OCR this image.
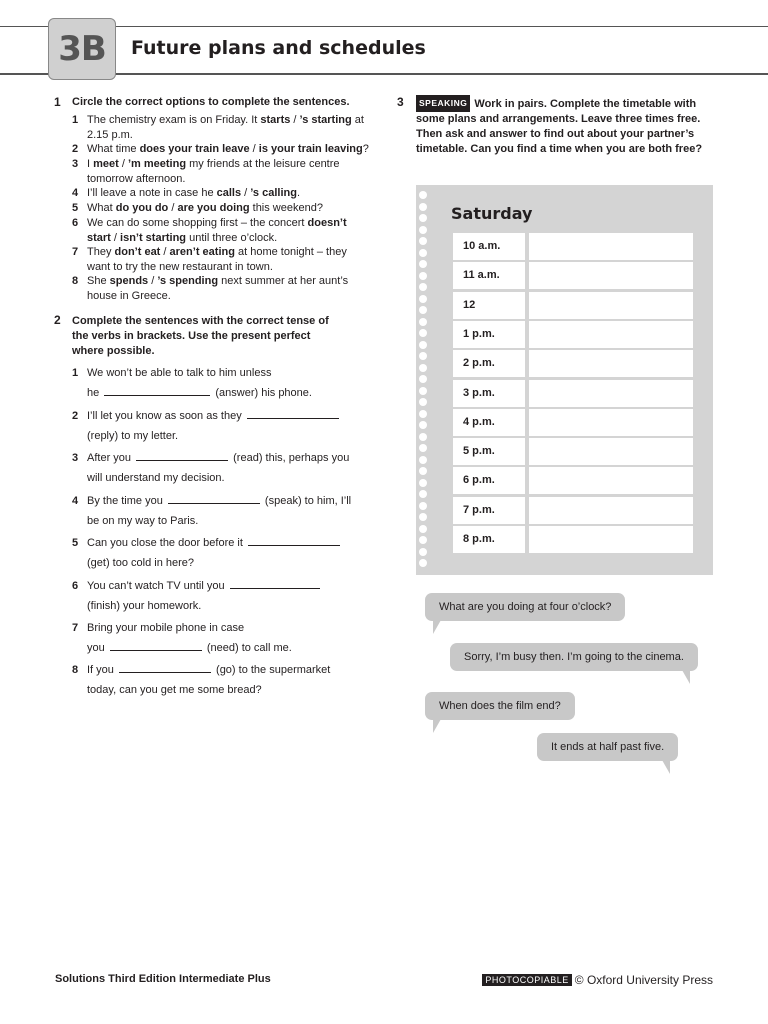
3B Future plans and schedules
1 Circle the correct options to complete the sentences.
1 The chemistry exam is on Friday. It starts / ’s starting at 2.15 p.m.
2 What time does your train leave / is your train leaving?
3 I meet / ’m meeting my friends at the leisure centre tomorrow afternoon.
4 I’ll leave a note in case he calls / ’s calling.
5 What do you do / are you doing this weekend?
6 We can do some shopping first – the concert doesn’t start / isn’t starting until three o’clock.
7 They don’t eat / aren’t eating at home tonight – they want to try the new restaurant in town.
8 She spends / ’s spending next summer at her aunt’s house in Greece.
2 Complete the sentences with the correct tense of the verbs in brackets. Use the present perfect where possible.
1 We won’t be able to talk to him unless
he	(answer) his phone.
2 I’ll let you know as soon as they
(reply) to my letter.
3 After you	(read) this, perhaps you
will understand my decision.
4 By the time you	(speak) to him, I’ll
be on my way to Paris.
5 Can you close the door before it
(get) too cold in here?
6 You can’t watch TV until you
(finish) your homework.
7 Bring your mobile phone in case
you	(need) to call me.
8 If you	(go) to the supermarket
today, can you get me some bread?
3	SPEAKING Work in pairs. Complete the timetable with some plans and arrangements. Leave three times free. Then ask and answer to find out about your partner’s timetable. Can you find a time when you are both free?
Saturday
10 a.m.
11 a.m.
12
1 p.m.
2 p.m.
3 p.m.
4 p.m.
5 p.m.
6 p.m.
7 p.m.
8 p.m.
What are you doing at four o’clock?
Sorry, I’m busy then. I’m going to the cinema.
When does the film end?
It ends at half past five.
Solutions Third Edition Intermediate Plus	PHOTOCOPIABLE © Oxford University Press
